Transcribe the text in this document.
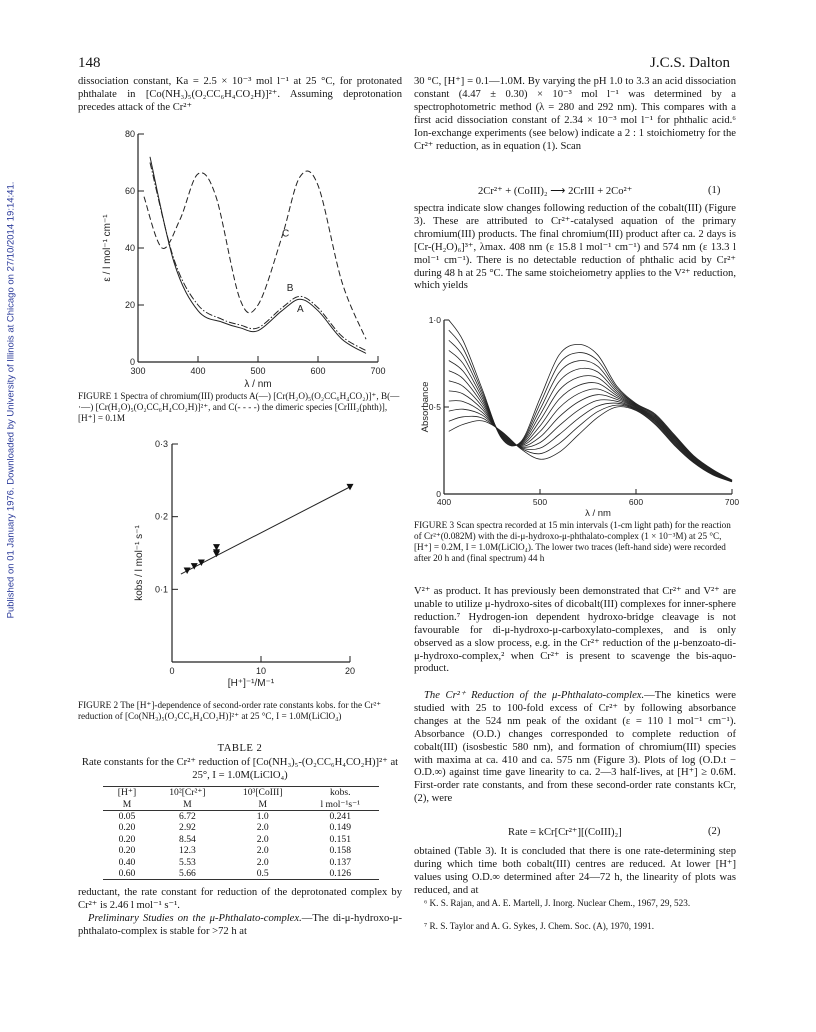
Published on 01 January 1976. Downloaded by University of Illinois at Chicago on 27/10/2014 19:14:41.
148	J.C.S. Dalton
dissociation constant, Ka = 2.5 × 10⁻³ mol l⁻¹ at 25 °C, for protonated phthalate in [Co(NH₃)₅(O₂CC₆H₄CO₂H)]²⁺. Assuming deprotonation precedes attack of the Cr²⁺
300	400	500	600	700
0
20
40
60
80
λ / nm
ε / l mol⁻¹ cm⁻¹
A
B
C
FIGURE 1 Spectra of chromium(III) products A(—) [Cr(H₂O)₅(O₂CC₆H₄CO₂)]⁺, B(—·—) [Cr(H₂O)₅(O₂CC₆H₄CO₂H)]²⁺, and C(- - - -) the dimeric species [CrIII₂(phth)], [H⁺] = 0.1M
0·1
0·2
0·3
0	10	20
[H⁺]⁻¹/M⁻¹
kobs / l mol⁻¹ s⁻¹
FIGURE 2 The [H⁺]-dependence of second-order rate constants kobs. for the Cr²⁺ reduction of [Co(NH₃)₅(O₂CC₆H₄CO₂H)]²⁺ at 25 °C, I = 1.0M(LiClO₄)
TABLE 2
Rate constants for the Cr²⁺ reduction of [Co(NH₃)₅-(O₂CC₆H₄CO₂H)]²⁺ at 25°, I = 1.0M(LiClO₄)
[H⁺]	10²[Cr²⁺]	10³[CoIII]	kobs.
M	M	M	l mol⁻¹s⁻¹
0.05	6.72	1.0	0.241
0.20	2.92	2.0	0.149
0.20	8.54	2.0	0.151
0.20	12.3	2.0	0.158
0.40	5.53	2.0	0.137
0.60	5.66	0.5	0.126
reductant, the rate constant for reduction of the deprotonated complex by Cr²⁺ is 2.46 l mol⁻¹ s⁻¹.
Preliminary Studies on the μ-Phthalato-complex.—The di-μ-hydroxo-μ-phthalato-complex is stable for >72 h at
30 °C, [H⁺] = 0.1—1.0M. By varying the pH 1.0 to 3.3 an acid dissociation constant (4.47 ± 0.30) × 10⁻³ mol l⁻¹ was determined by a spectrophotometric method (λ = 280 and 292 nm). This compares with a first acid dissociation constant of 2.34 × 10⁻³ mol l⁻¹ for phthalic acid.⁶ Ion-exchange experiments (see below) indicate a 2 : 1 stoichiometry for the Cr²⁺ reduction, as in equation (1). Scan
2Cr²⁺ + (CoIII)₂ ⟶ 2CrIII + 2Co²⁺	(1)
spectra indicate slow changes following reduction of the cobalt(III) (Figure 3). These are attributed to Cr²⁺-catalysed aquation of the primary chromium(III) products. The final chromium(III) product after ca. 2 days is [Cr-(H₂O)₆]³⁺, λmax. 408 nm (ε 15.8 l mol⁻¹ cm⁻¹) and 574 nm (ε 13.3 l mol⁻¹ cm⁻¹). There is no detectable reduction of phthalic acid by Cr²⁺ during 48 h at 25 °C. The same stoicheiometry applies to the V²⁺ reduction, which yields
0
0·5
1·0
400	500	600	700
λ / nm
Absorbance
FIGURE 3 Scan spectra recorded at 15 min intervals (1-cm light path) for the reaction of Cr²⁺(0.082M) with the di-μ-hydroxo-μ-phthalato-complex (1 × 10⁻³M) at 25 °C, [H⁺] = 0.2M, I = 1.0M(LiClO₄). The lower two traces (left-hand side) were recorded after 20 h and (final spectrum) 44 h
V²⁺ as product. It has previously been demonstrated that Cr²⁺ and V²⁺ are unable to utilize μ-hydroxo-sites of dicobalt(III) complexes for inner-sphere reduction.⁷ Hydrogen-ion dependent hydroxo-bridge cleavage is not favourable for di-μ-hydroxo-μ-carboxylato-complexes, and is only observed as a slow process, e.g. in the Cr²⁺ reduction of the μ-benzoato-di-μ-hydroxo-complex,² when Cr²⁺ is present to scavenge the bis-aquo-product.
The Cr²⁺ Reduction of the μ-Phthalato-complex.—The kinetics were studied with 25 to 100-fold excess of Cr²⁺ by following absorbance changes at the 524 nm peak of the oxidant (ε = 110 l mol⁻¹ cm⁻¹). Absorbance (O.D.) changes corresponded to complete reduction of cobalt(III) (isosbestic 580 nm), and formation of chromium(III) species with maxima at ca. 410 and ca. 575 nm (Figure 3). Plots of log (O.D.t − O.D.∞) against time gave linearity to ca. 2—3 half-lives, at [H⁺] ≥ 0.6M. First-order rate constants, and from these second-order rate constants kCr, (2), were
Rate = kCr[Cr²⁺][(CoIII)₂]	(2)
obtained (Table 3). It is concluded that there is one rate-determining step during which time both cobalt(III) centres are reduced. At lower [H⁺] values using O.D.∞ determined after 24—72 h, the linearity of plots was reduced, and at
⁶ K. S. Rajan, and A. E. Martell, J. Inorg. Nuclear Chem., 1967, 29, 523.
⁷ R. S. Taylor and A. G. Sykes, J. Chem. Soc. (A), 1970, 1991.
